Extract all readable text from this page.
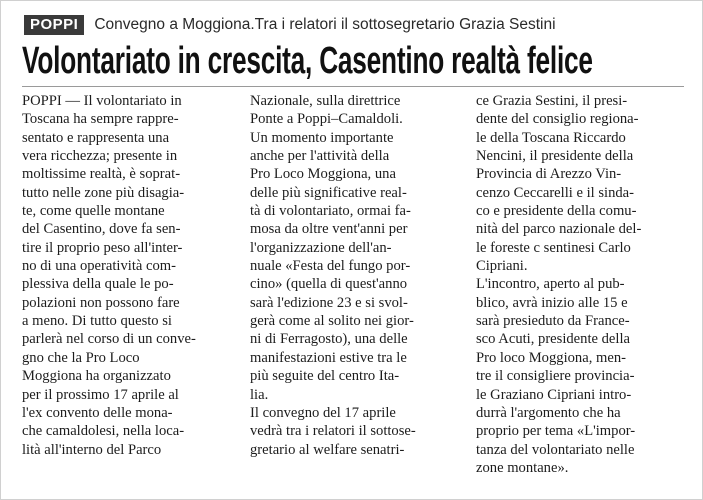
POPPI	Convegno a Moggiona.Tra i relatori il sottosegretario Grazia Sestini
Volontariato in crescita, Casentino realtà felice
POPPI — Il volontariato in
Toscana ha sempre rappre-
sentato e rappresenta una
vera ricchezza; presente in
moltissime realtà, è soprat-
tutto nelle zone più disagia-
te, come quelle montane
del Casentino, dove fa sen-
tire il proprio peso all'inter-
no di una operatività com-
plessiva della quale le po-
polazioni non possono fare
a meno. Di tutto questo si
parlerà nel corso di un conve-
gno che la Pro Loco
Moggiona ha organizzato
per il prossimo 17 aprile al
l'ex convento delle mona-
che camaldolesi, nella loca-
lità all'interno del Parco
Nazionale, sulla direttrice
Ponte a Poppi–Camaldoli.
Un momento importante
anche per l'attività della
Pro Loco Moggiona, una
delle più significative real-
tà di volontariato, ormai fa-
mosa da oltre vent'anni per
l'organizzazione dell'an-
nuale «Festa del fungo por-
cino» (quella di quest'anno
sarà l'edizione 23 e si svol-
gerà come al solito nei gior-
ni di Ferragosto), una delle
manifestazioni estive tra le
più seguite del centro Ita-
lia.
Il convegno del 17 aprile
vedrà tra i relatori il sottose-
gretario al welfare senatri-
ce Grazia Sestini, il presi-
dente del consiglio regiona-
le della Toscana Riccardo
Nencini, il presidente della
Provincia di Arezzo Vin-
cenzo Ceccarelli e il sinda-
co e presidente della comu-
nità del parco nazionale del-
le foreste c sentinesi Carlo
Cipriani.
L'incontro, aperto al pub-
blico, avrà inizio alle 15 e
sarà presieduto da France-
sco Acuti, presidente della
Pro loco Moggiona, men-
tre il consigliere provincia-
le Graziano Cipriani intro-
durrà l'argomento che ha
proprio per tema «L'impor-
tanza del volontariato nelle
zone montane».
